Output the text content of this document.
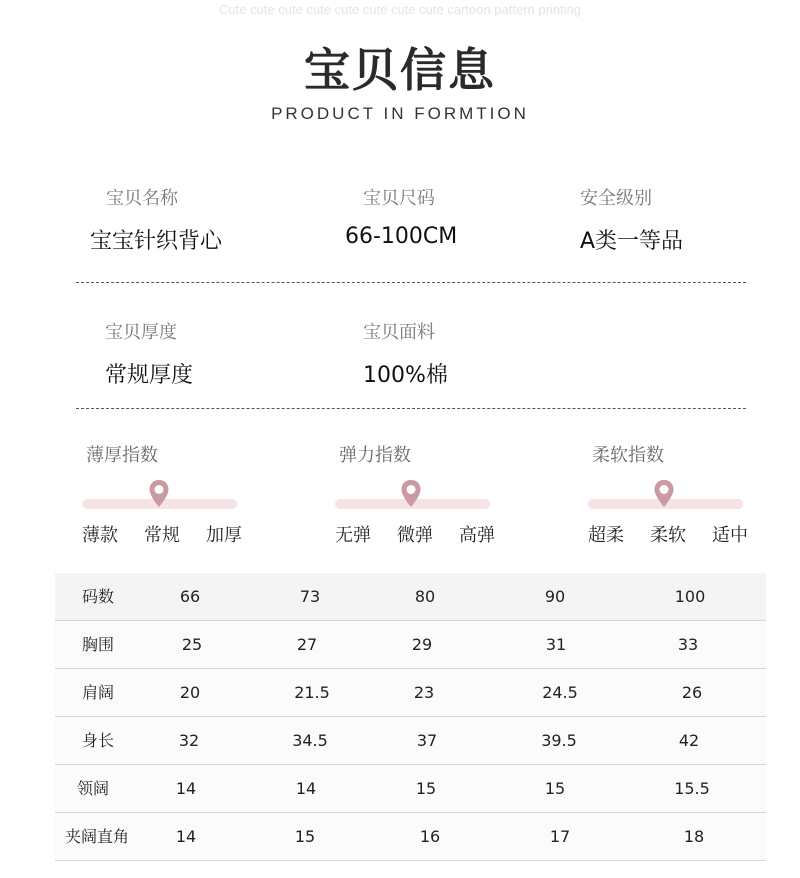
Cute cute cute cute cute cute cute cute cartoon pattern printing
宝贝信息
PRODUCT IN FORMTION
宝贝名称
宝宝针织背心
宝贝尺码
66-100CM
安全级别
A类一等品
宝贝厚度
常规厚度
宝贝面料
100%棉
薄厚指数
薄款 常规 加厚
弹力指数
无弹 微弹 高弹
柔软指数
超柔 柔软 适中
码数	66	73	80	90	100
胸围	25	27	29	31	33
肩阔	20	21.5	23	24.5	26
身长	32	34.5	37	39.5	42
领阔	14	14	15	15	15.5
夹阔直角	14	15	16	17	18
